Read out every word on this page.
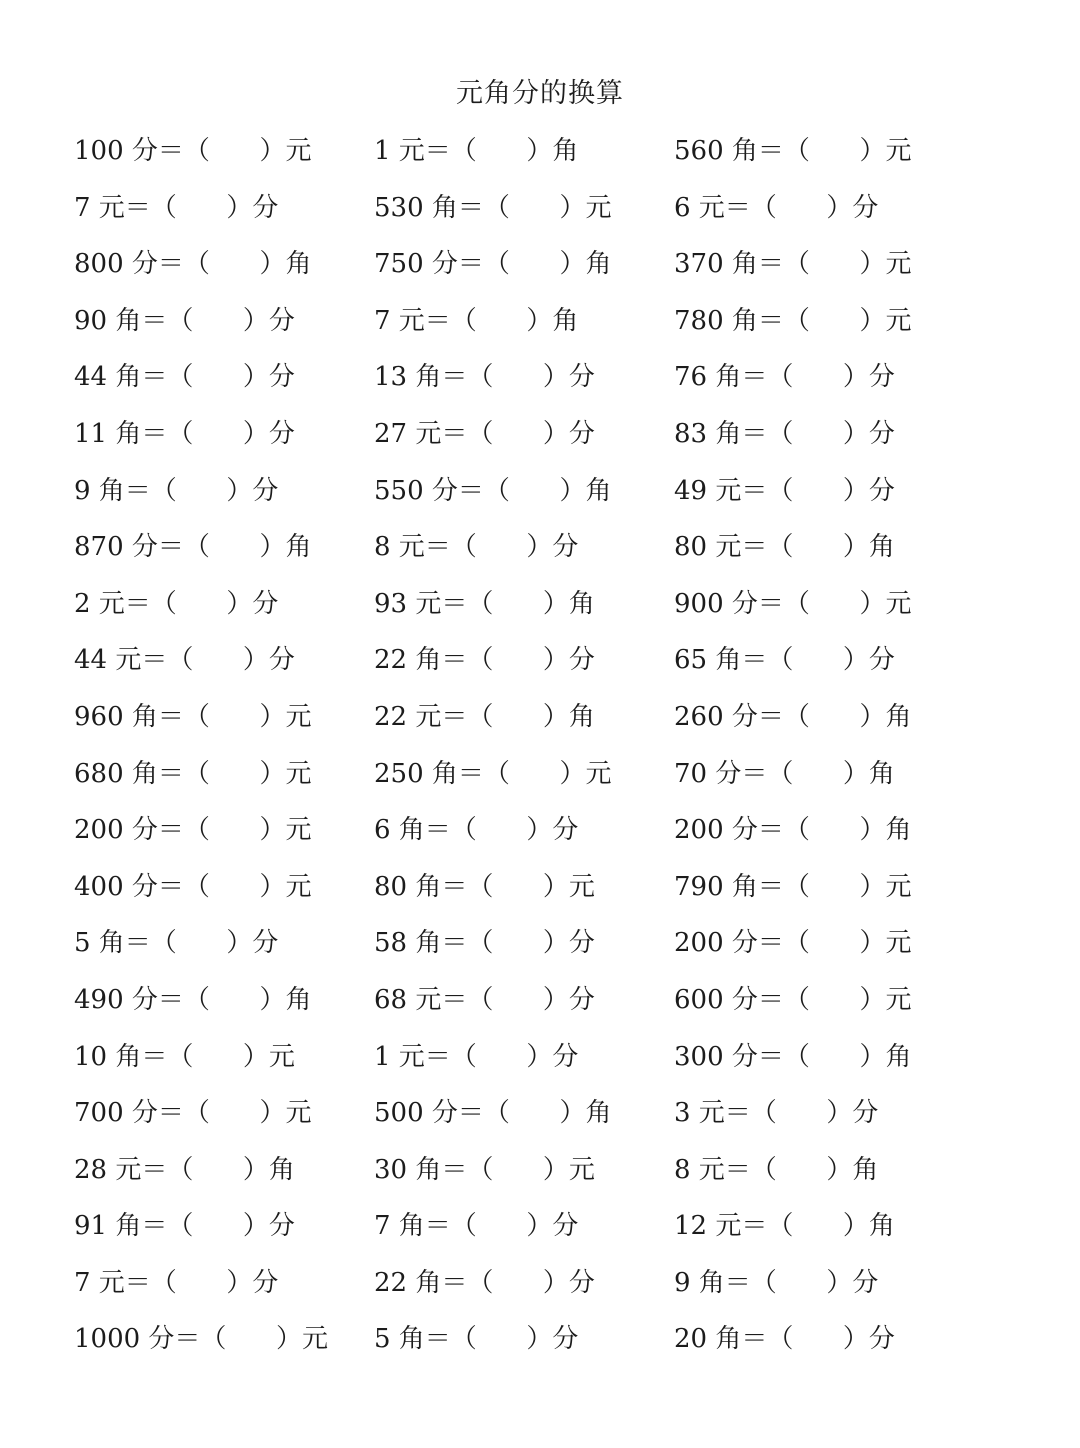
元角分的换算
100 分＝（      ）元 1 元＝（      ）角	560 角＝（      ）元
7 元＝（      ）分	530 角＝（      ）元 6 元＝（      ）分
800 分＝（      ）角 750 分＝（      ）角 370 角＝（      ）元
90 角＝（      ）分	7 元＝（      ）角	780 角＝（      ）元
44 角＝（      ）分	13 角＝（      ）分	76 角＝（      ）分
11 角＝（      ）分	27 元＝（      ）分	83 角＝（      ）分
9 角＝（      ）分	550 分＝（      ）角 49 元＝（      ）分
870 分＝（      ）角 8 元＝（      ）分	80 元＝（      ）角
2 元＝（      ）分	93 元＝（      ）角	900 分＝（      ）元
44 元＝（      ）分	22 角＝（      ）分	65 角＝（      ）分
960 角＝（      ）元 22 元＝（      ）角	260 分＝（      ）角
680 角＝（      ）元 250 角＝（      ）元 70 分＝（      ）角
200 分＝（      ）元 6 角＝（      ）分	200 分＝（      ）角
400 分＝（      ）元 80 角＝（      ）元	790 角＝（      ）元
5 角＝（      ）分	58 角＝（      ）分	200 分＝（      ）元
490 分＝（      ）角 68 元＝（      ）分	600 分＝（      ）元
10 角＝（      ）元	1 元＝（      ）分	300 分＝（      ）角
700 分＝（      ）元 500 分＝（      ）角 3 元＝（      ）分
28 元＝（      ）角	30 角＝（      ）元	8 元＝（      ）角
91 角＝（      ）分	7 角＝（      ）分	12 元＝（      ）角
7 元＝（      ）分	22 角＝（      ）分	9 角＝（      ）分
1000 分＝（      ）元 5 角＝（      ）分	20 角＝（      ）分
